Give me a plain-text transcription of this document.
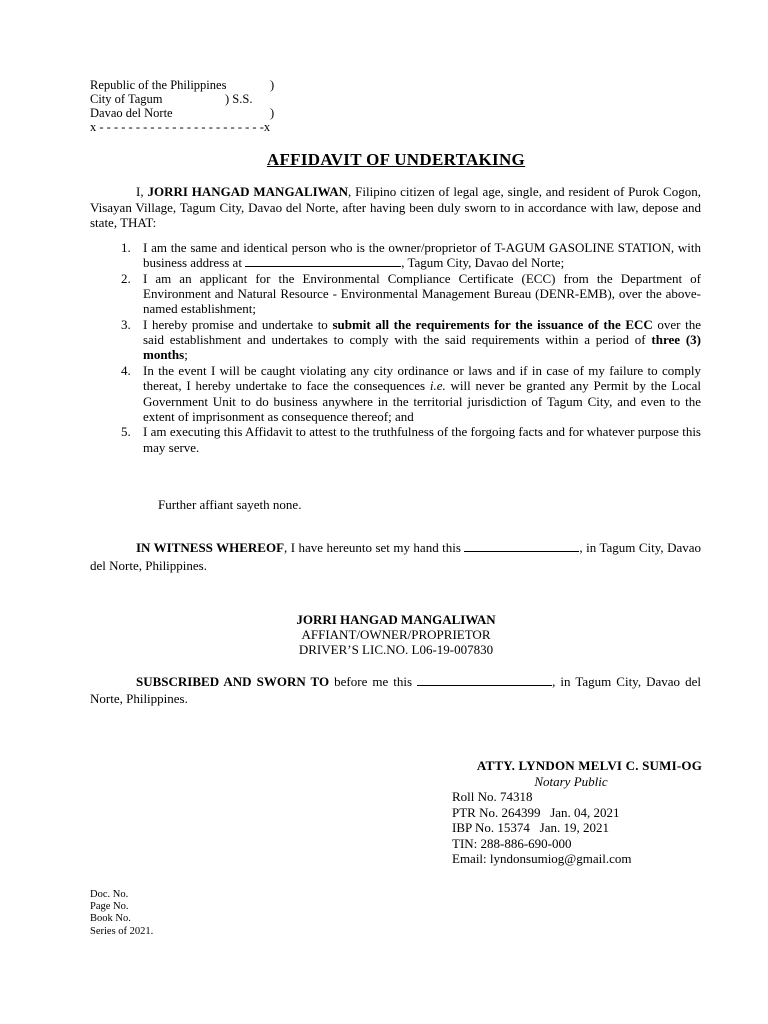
Republic of the Philippines	)
City of Tagum	) S.S.
Davao del Norte	)
x - - - - - - - - - - - - - - - - - - - - - - -x
AFFIDAVIT OF UNDERTAKING
I, JORRI HANGAD MANGALIWAN, Filipino citizen of legal age, single, and resident of Purok Cogon, Visayan Village, Tagum City, Davao del Norte, after having been duly sworn to in accordance with law, depose and state, THAT:
1. I am the same and identical person who is the owner/proprietor of T-AGUM GASOLINE STATION, with business address at	, Tagum City, Davao del Norte;
2. I am an applicant for the Environmental Compliance Certificate (ECC) from the Department of Environment and Natural Resource - Environmental Management Bureau (DENR-EMB), over the above-named establishment;
3. I hereby promise and undertake to submit all the requirements for the issuance of the ECC over the said establishment and undertakes to comply with the said requirements within a period of three (3) months;
4. In the event I will be caught violating any city ordinance or laws and if in case of my failure to comply thereat, I hereby undertake to face the consequences i.e. will never be granted any Permit by the Local Government Unit to do business anywhere in the territorial jurisdiction of Tagum City, and even to the extent of imprisonment as consequence thereof; and
5. I am executing this Affidavit to attest to the truthfulness of the forgoing facts and for whatever purpose this may serve.
Further affiant sayeth none.
IN WITNESS WHEREOF, I have hereunto set my hand this	, in Tagum City, Davao del Norte, Philippines.
JORRI HANGAD MANGALIWAN
AFFIANT/OWNER/PROPRIETOR
DRIVER’S LIC.NO. L06-19-007830
SUBSCRIBED AND SWORN TO before me this	, in Tagum City, Davao del Norte, Philippines.
ATTY. LYNDON MELVI C. SUMI-OG
Notary Public
Roll No. 74318
PTR No. 264399   Jan. 04, 2021
IBP No. 15374   Jan. 19, 2021
TIN: 288-886-690-000
Email: lyndonsumiog@gmail.com
Doc. No.
Page No.
Book No.
Series of 2021.
